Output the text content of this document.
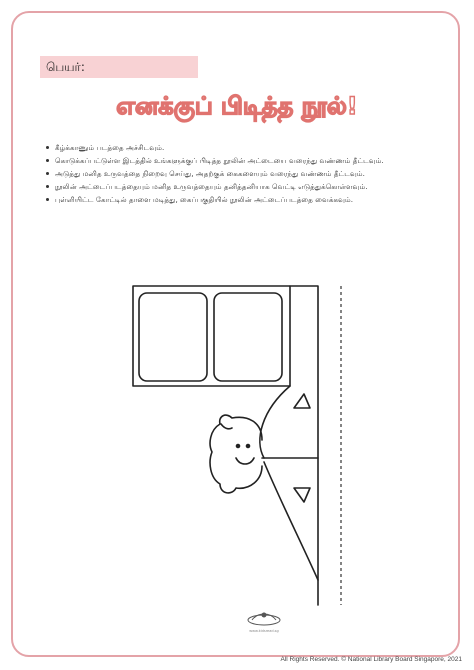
பெயர்:
எனக்குப் பிடித்த நூல்!
கீழ்க்காணும் படத்தை அச்சிடவும்.
கொடுக்கப்பட்டுள்ள இடத்தில் உங்களுக்குப் பிடித்த நூலின் அட்டையை வரைந்து வண்ணம் தீட்டவும்.
அடுத்து மனித உருவத்தை நிறைவு செய்து, அதற்குக் கைகளையும் வரைந்து வண்ணம் தீட்டவும்.
நூலின் அட்டைப்படத்தையும் மனித உருவத்தையும் தனித்தனியாக வெட்டி எடுத்துக்கொள்ளவும்.
புள்ளியிட்ட கோட்டில் தாளை மடித்து, கைப்பகுதியில் நூலின் அட்டைப்படத்தை வைக்கவும்.
www.kidsread.sg
All Rights Reserved. © National Library Board Singapore, 2021
